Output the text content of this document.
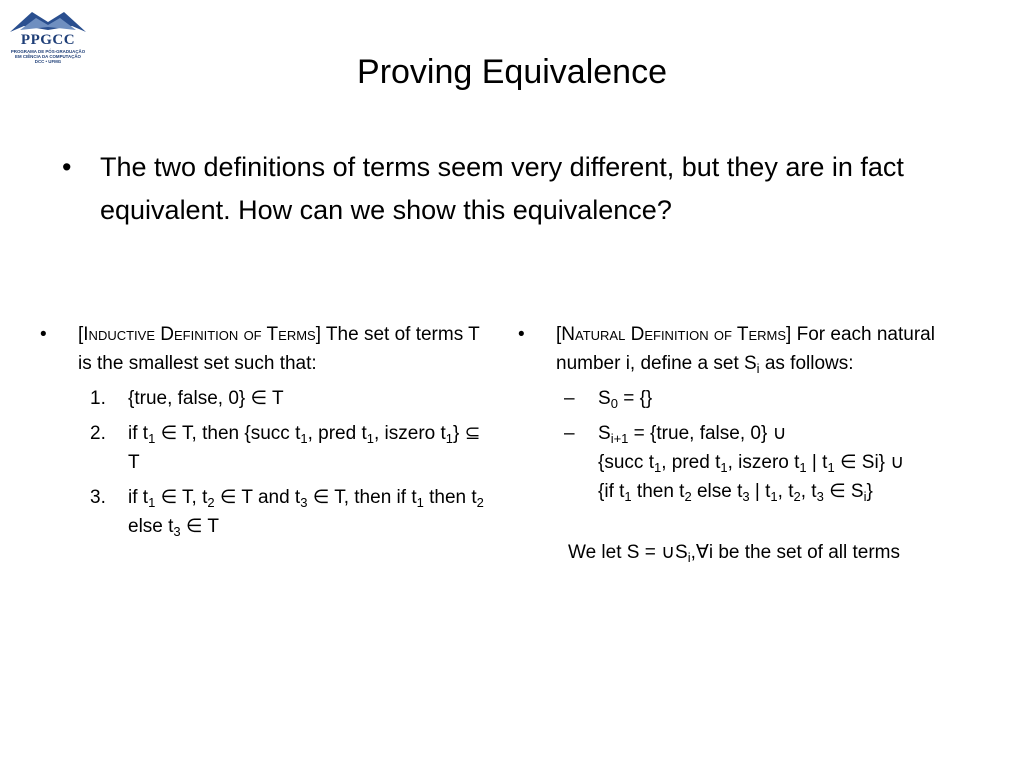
PPGCC
PROGRAMA DE PÓS-GRADUAÇÃO
EM CIÊNCIA DA COMPUTAÇÃO
DCC • UFMG	Proving Equivalence
• The two definitions of terms seem very different, but they are in fact equivalent. How can we show this equivalence?
• [Inductive Definition of Terms] The set of terms T is the smallest set such that:
1. {true, false, 0} ∈ T
2. if $t_1$ ∈ T, then {succ $t_1$, pred $t_1$, iszero $t_1$} ⊆ T
3. if $t_1$ ∈ T, $t_2$ ∈ T and $t_3$ ∈ T, then if $t_1$ then $t_2$ else $t_3$ ∈ T
• [Natural Definition of Terms] For each natural number i, define a set $S_i$ as follows:
– $S_0$ = {}
– $S_{i+1}$ = {true, false, 0} ∪
{succ $t_1$, pred $t_1$, iszero $t_1$ | $t_1$ ∈ Si} ∪
{if $t_1$ then $t_2$ else $t_3$ | $t_1$, $t_2$, $t_3$ ∈ $S_i$}
We let $S = \cup S_i,\forall i$ be the set of all terms
